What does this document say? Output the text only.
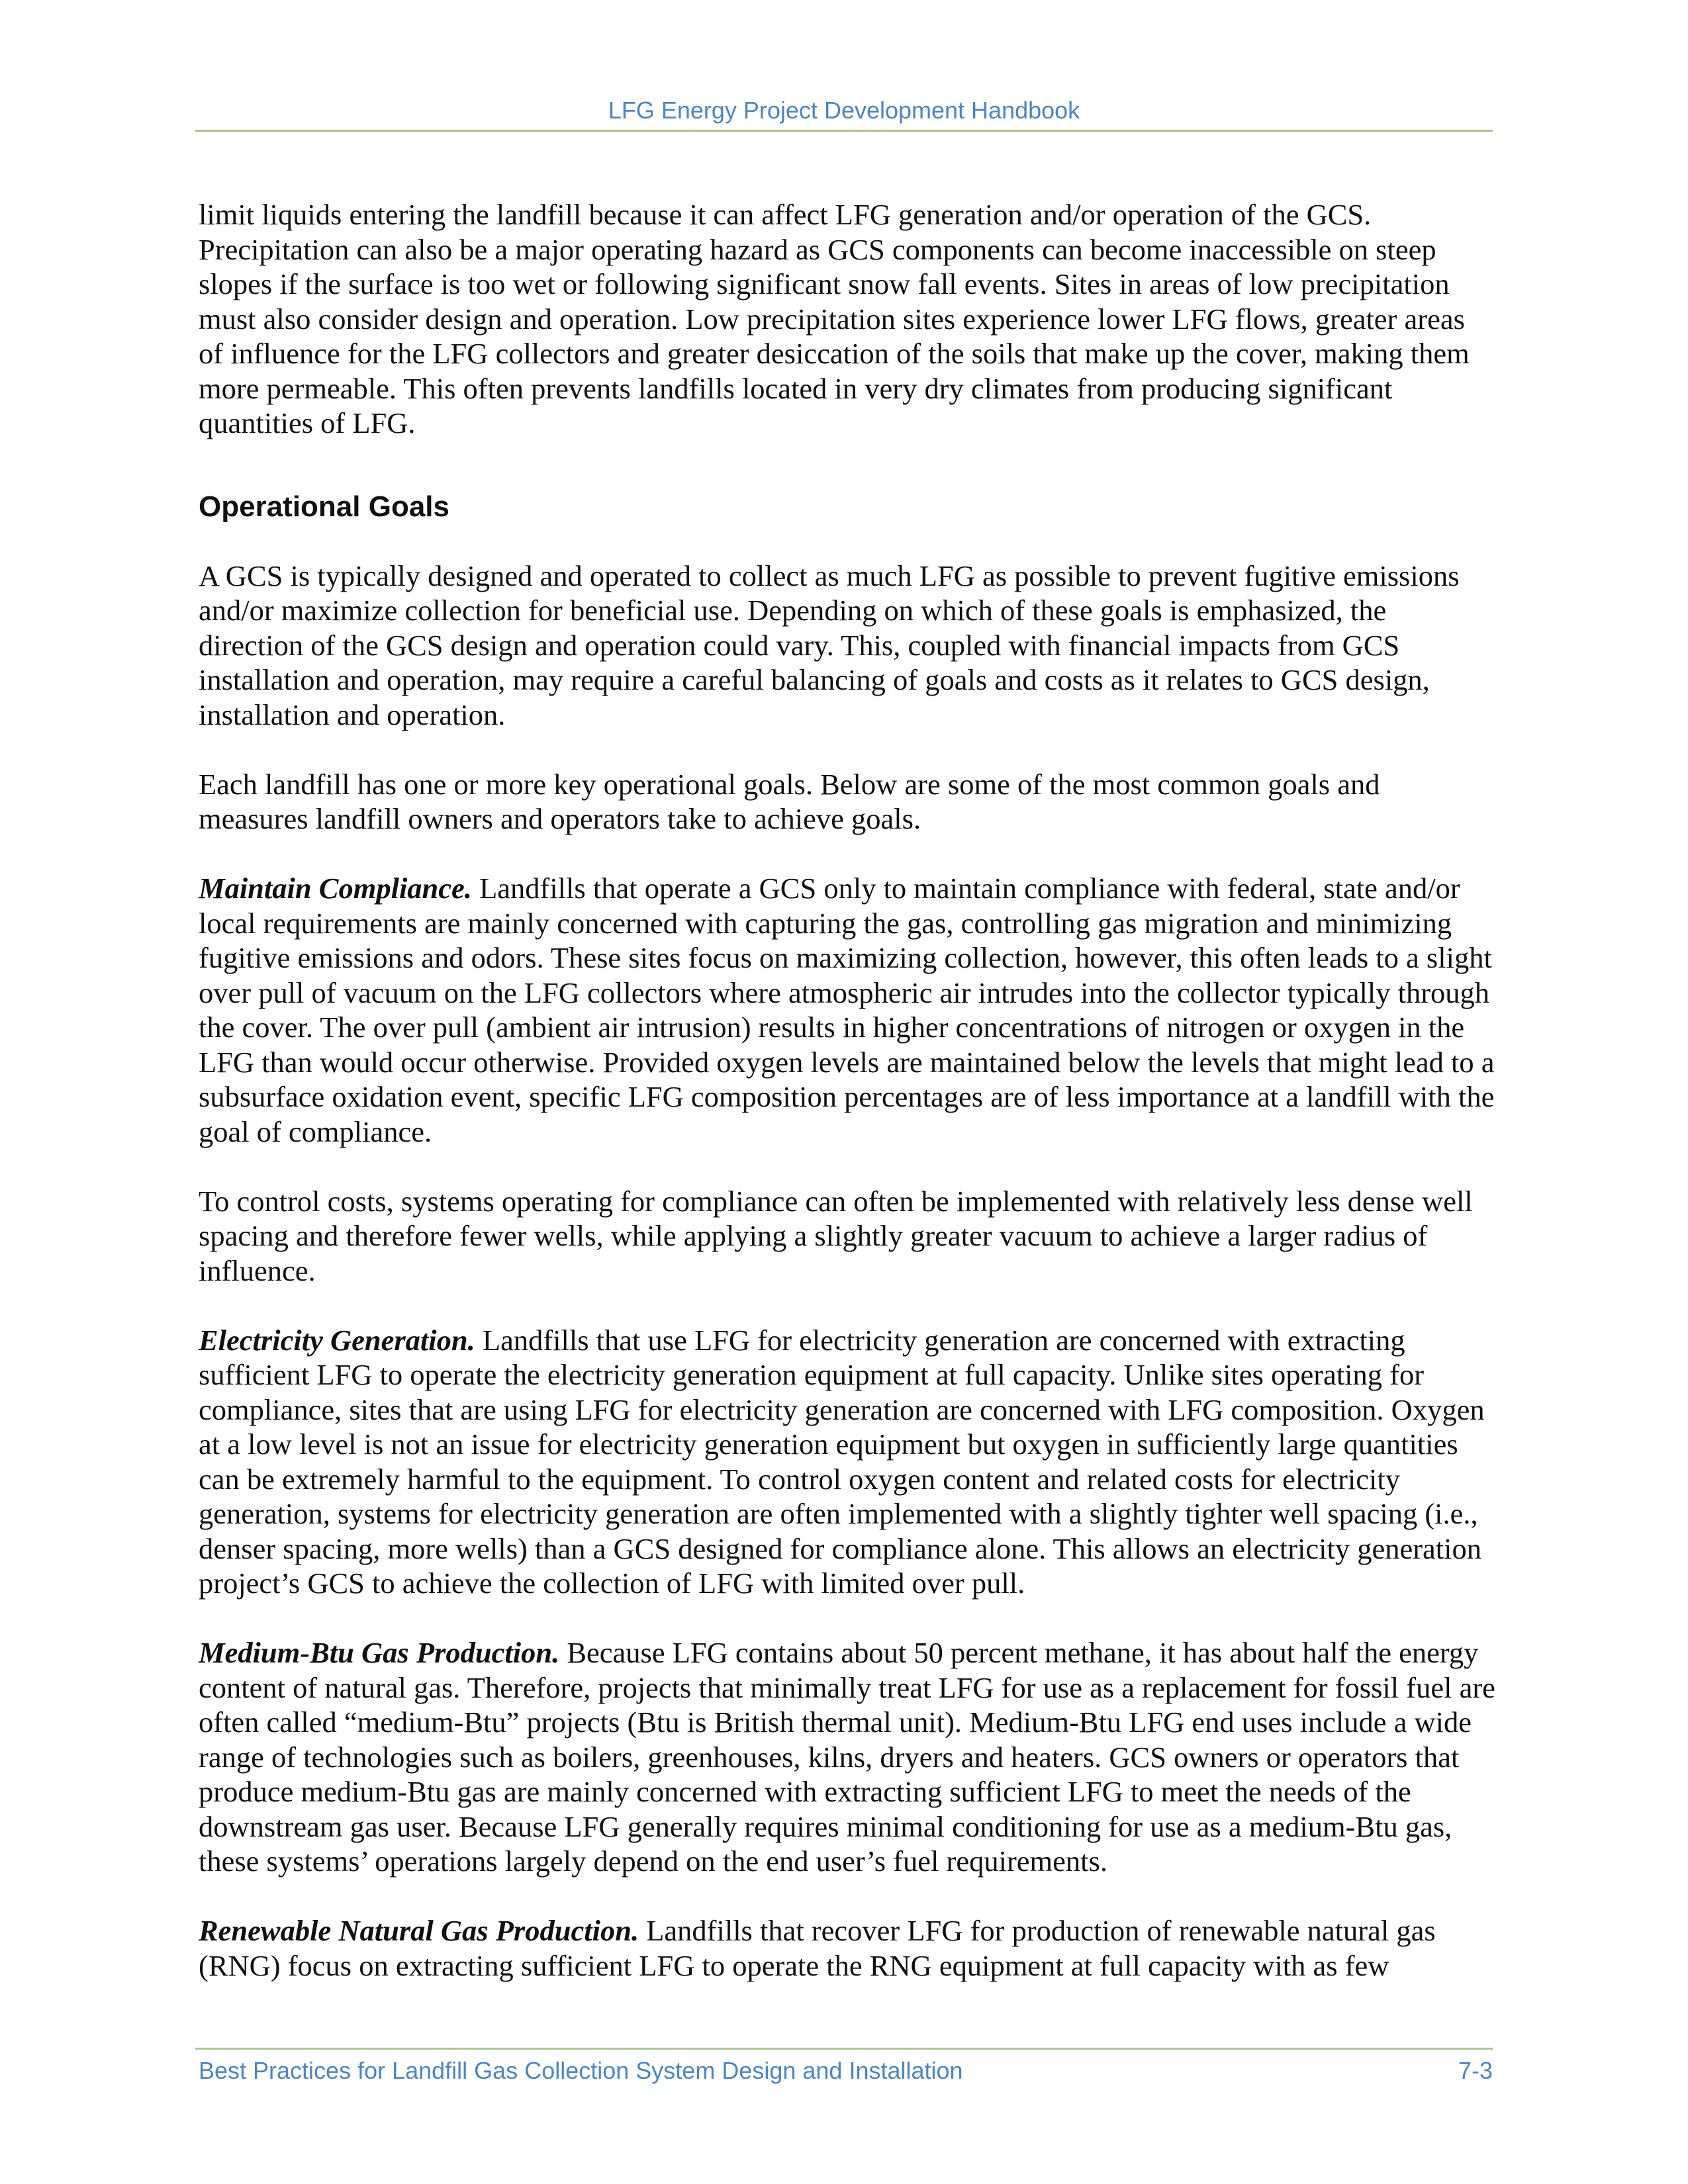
LFG Energy Project Development Handbook

limit liquids entering the landfill because it can affect LFG generation and/or operation of the GCS. Precipitation can also be a major operating hazard as GCS components can become inaccessible on steep slopes if the surface is too wet or following significant snow fall events. Sites in areas of low precipitation must also consider design and operation. Low precipitation sites experience lower LFG flows, greater areas of influence for the LFG collectors and greater desiccation of the soils that make up the cover, making them more permeable. This often prevents landfills located in very dry climates from producing significant quantities of LFG.

Operational Goals

A GCS is typically designed and operated to collect as much LFG as possible to prevent fugitive emissions and/or maximize collection for beneficial use. Depending on which of these goals is emphasized, the direction of the GCS design and operation could vary. This, coupled with financial impacts from GCS installation and operation, may require a careful balancing of goals and costs as it relates to GCS design, installation and operation.

Each landfill has one or more key operational goals. Below are some of the most common goals and measures landfill owners and operators take to achieve goals.

Maintain Compliance. Landfills that operate a GCS only to maintain compliance with federal, state and/or local requirements are mainly concerned with capturing the gas, controlling gas migration and minimizing fugitive emissions and odors. These sites focus on maximizing collection, however, this often leads to a slight over pull of vacuum on the LFG collectors where atmospheric air intrudes into the collector typically through the cover. The over pull (ambient air intrusion) results in higher concentrations of nitrogen or oxygen in the LFG than would occur otherwise. Provided oxygen levels are maintained below the levels that might lead to a subsurface oxidation event, specific LFG composition percentages are of less importance at a landfill with the goal of compliance.

To control costs, systems operating for compliance can often be implemented with relatively less dense well spacing and therefore fewer wells, while applying a slightly greater vacuum to achieve a larger radius of influence.

Electricity Generation. Landfills that use LFG for electricity generation are concerned with extracting sufficient LFG to operate the electricity generation equipment at full capacity. Unlike sites operating for compliance, sites that are using LFG for electricity generation are concerned with LFG composition. Oxygen at a low level is not an issue for electricity generation equipment but oxygen in sufficiently large quantities can be extremely harmful to the equipment. To control oxygen content and related costs for electricity generation, systems for electricity generation are often implemented with a slightly tighter well spacing (i.e., denser spacing, more wells) than a GCS designed for compliance alone. This allows an electricity generation project’s GCS to achieve the collection of LFG with limited over pull.

Medium-Btu Gas Production. Because LFG contains about 50 percent methane, it has about half the energy content of natural gas. Therefore, projects that minimally treat LFG for use as a replacement for fossil fuel are often called “medium-Btu” projects (Btu is British thermal unit). Medium-Btu LFG end uses include a wide range of technologies such as boilers, greenhouses, kilns, dryers and heaters. GCS owners or operators that produce medium-Btu gas are mainly concerned with extracting sufficient LFG to meet the needs of the downstream gas user. Because LFG generally requires minimal conditioning for use as a medium-Btu gas, these systems’ operations largely depend on the end user’s fuel requirements.

Renewable Natural Gas Production. Landfills that recover LFG for production of renewable natural gas (RNG) focus on extracting sufficient LFG to operate the RNG equipment at full capacity with as few

Best Practices for Landfill Gas Collection System Design and Installation	7-3
